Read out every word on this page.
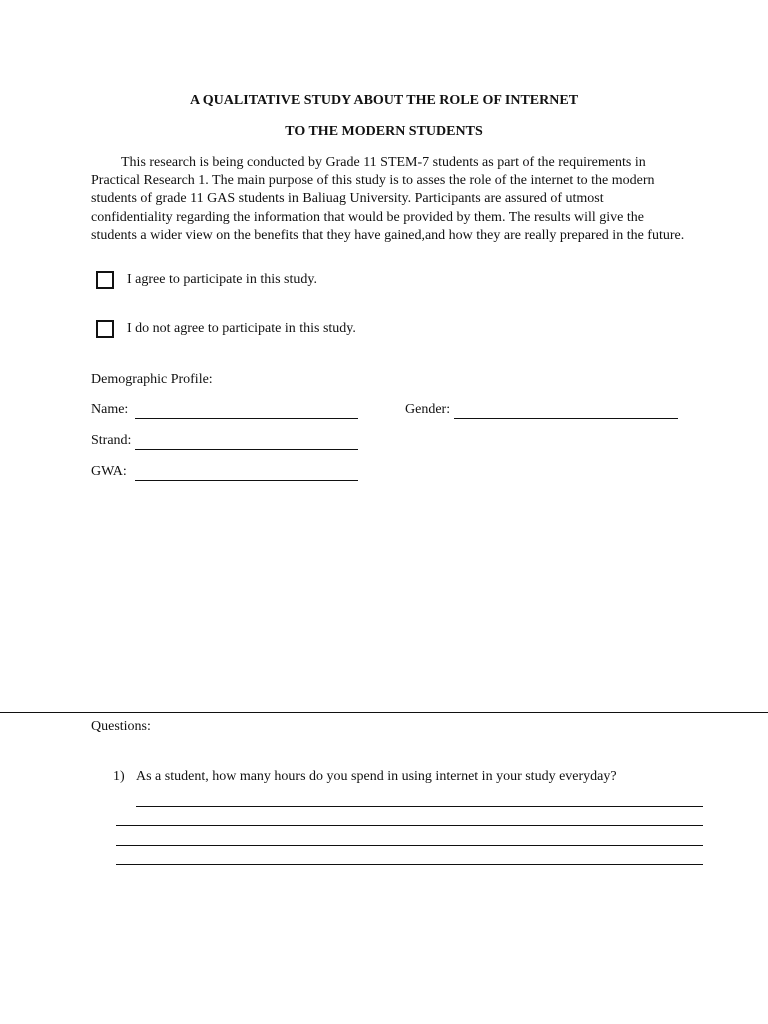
A QUALITATIVE STUDY ABOUT THE ROLE OF INTERNET
TO THE MODERN STUDENTS

This research is being conducted by Grade 11 STEM-7 students as part of the requirements in Practical Research 1. The main purpose of this study is to asses the role of the internet to the modern students of grade 11 GAS students in Baliuag University. Participants are assured of utmost confidentiality regarding the information that would be provided by them. The results will give the students a wider view on the benefits that they have gained,and how they are really prepared in the future.

I agree to participate in this study.
I do not agree to participate in this study.
Demographic Profile:
Name:	Gender:
Strand:
GWA:
Questions:
1) As a student, how many hours do you spend in using internet in your study everyday?
